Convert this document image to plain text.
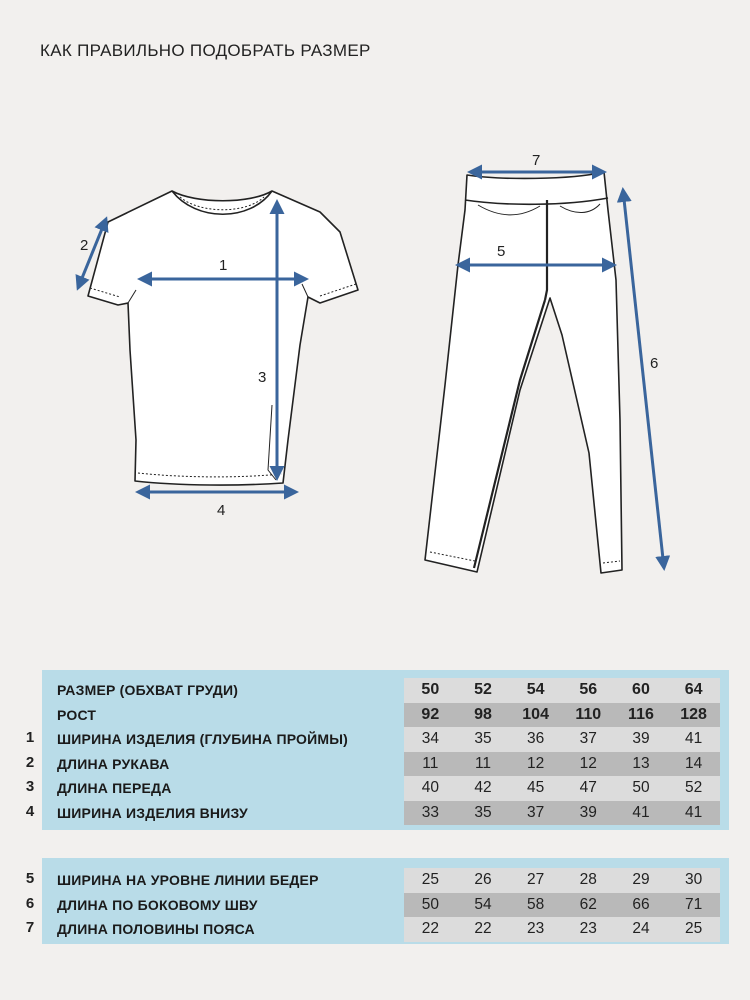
КАК ПРАВИЛЬНО ПОДОБРАТЬ РАЗМЕР
1
2
3
4
5
6
7
РАЗМЕР (ОБХВАТ ГРУДИ)	50	52	54	56	60	64
РОСТ	92	98	104	110	116	128
1 ШИРИНА ИЗДЕЛИЯ (ГЛУБИНА ПРОЙМЫ)	34	35	36	37	39	41
2 ДЛИНА РУКАВА	11	11	12	12	13	14
3 ДЛИНА ПЕРЕДА	40	42	45	47	50	52
4 ШИРИНА ИЗДЕЛИЯ ВНИЗУ	33	35	37	39	41	41
5 ШИРИНА НА УРОВНЕ ЛИНИИ БЕДЕР	25	26	27	28	29	30
6 ДЛИНА ПО БОКОВОМУ ШВУ	50	54	58	62	66	71
7 ДЛИНА ПОЛОВИНЫ ПОЯСА	22	22	23	23	24	25
